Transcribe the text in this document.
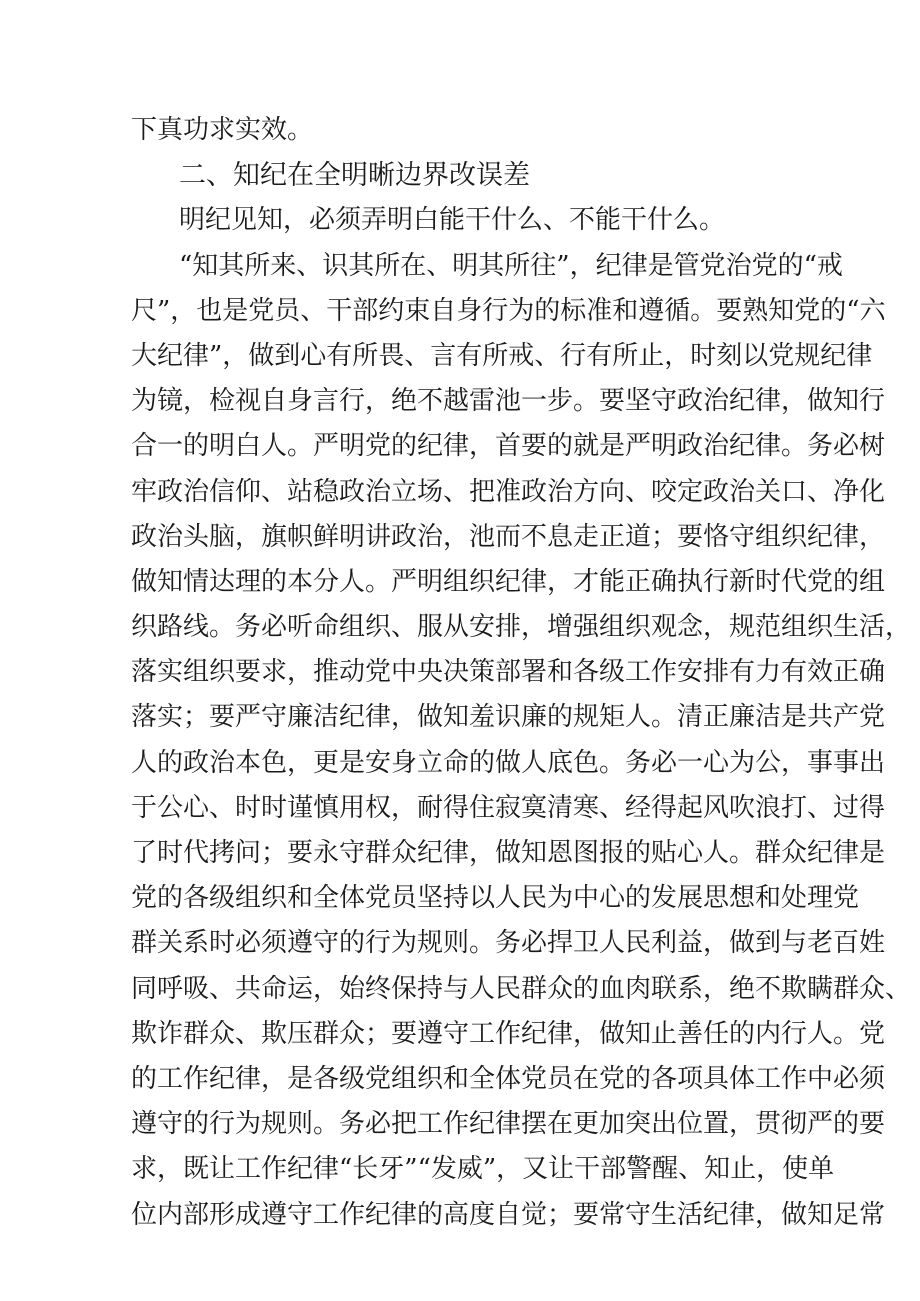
下真功求实效。
二、知纪在全明晰边界改误差
明纪见知，必须弄明白能干什么、不能干什么。
“知其所来、识其所在、明其所往”，纪律是管党治党的“戒
尺”，也是党员、干部约束自身行为的标准和遵循。要熟知党的“六
大纪律”，做到心有所畏、言有所戒、行有所止，时刻以党规纪律
为镜，检视自身言行，绝不越雷池一步。要坚守政治纪律，做知行
合一的明白人。严明党的纪律，首要的就是严明政治纪律。务必树
牢政治信仰、站稳政治立场、把准政治方向、咬定政治关口、净化
政治头脑，旗帜鲜明讲政治，池而不息走正道；要恪守组织纪律，
做知情达理的本分人。严明组织纪律，才能正确执行新时代党的组
织路线。务必听命组织、服从安排，增强组织观念，规范组织生活，
落实组织要求，推动党中央决策部署和各级工作安排有力有效正确
落实；要严守廉洁纪律，做知羞识廉的规矩人。清正廉洁是共产党
人的政治本色，更是安身立命的做人底色。务必一心为公，事事出
于公心、时时谨慎用权，耐得住寂寞清寒、经得起风吹浪打、过得
了时代拷问；要永守群众纪律，做知恩图报的贴心人。群众纪律是
党的各级组织和全体党员坚持以人民为中心的发展思想和处理党
群关系时必须遵守的行为规则。务必捍卫人民利益，做到与老百姓
同呼吸、共命运，始终保持与人民群众的血肉联系，绝不欺瞒群众、
欺诈群众、欺压群众；要遵守工作纪律，做知止善任的内行人。党
的工作纪律，是各级党组织和全体党员在党的各项具体工作中必须
遵守的行为规则。务必把工作纪律摆在更加突出位置，贯彻严的要
求，既让工作纪律“长牙”“发威”，又让干部警醒、知止，使单
位内部形成遵守工作纪律的高度自觉；要常守生活纪律，做知足常
